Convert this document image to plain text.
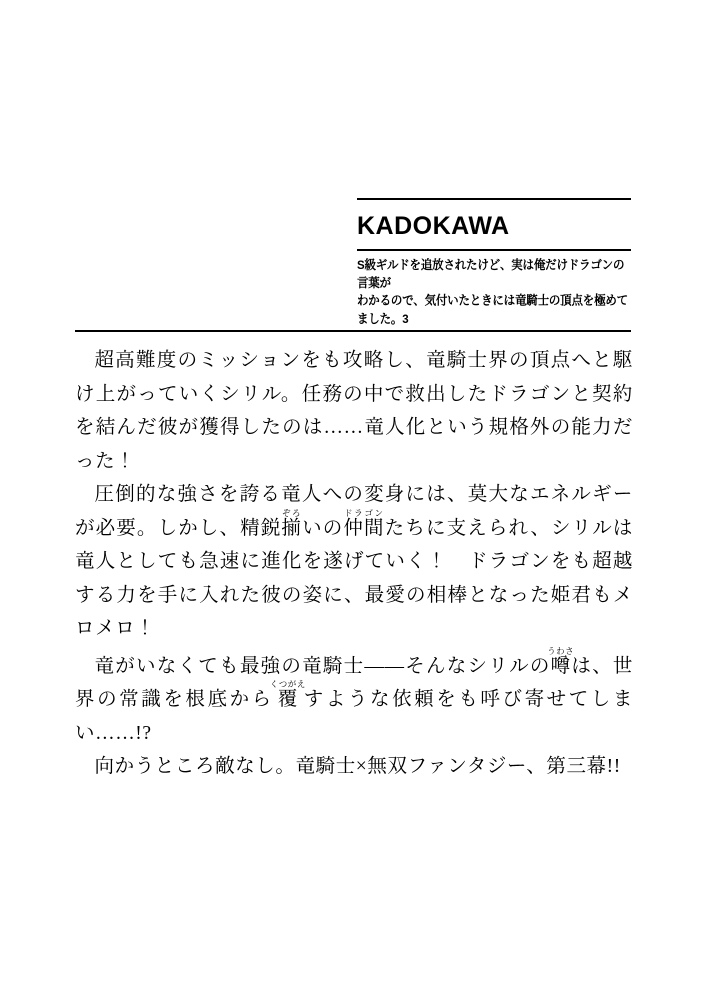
KADOKAWA
S級ギルドを追放されたけど、実は俺だけドラゴンの言葉が
わかるので、気付いたときには竜騎士の頂点を極めてました。3

超高難度のミッションをも攻略し、竜騎士界の頂点へと駆け上がっていくシリル。任務の中で救出したドラゴンと契約を結んだ彼が獲得したのは……竜人化という規格外の能力だった！

圧倒的な強さを誇る竜人への変身には、莫大なエネルギーが必要。しかし、精鋭揃ぞろいの仲間ドラゴンたちに支えられ、シリルは竜人としても急速に進化を遂げていく！　ドラゴンをも超越する力を手に入れた彼の姿に、最愛の相棒となった姫君もメロメロ！

竜がいなくても最強の竜騎士——そんなシリルの噂うわさは、世界の常識を根底から覆くつがえすような依頼をも呼び寄せてしまい……!?

向かうところ敵なし。竜騎士×無双ファンタジー、第三幕!!
